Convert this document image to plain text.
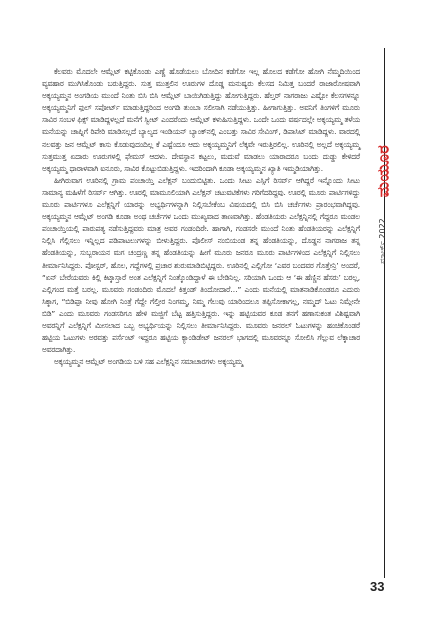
ಕೆಲವರು ಮೊದಲೇ ಆಮ್ಲೆಟ್ ಕಟ್ಟಿಕೊಂಡು ಎಣ್ಣೆ ಹೊಡೆಯಲು ಬೋದಿನ ಕಡೆಗೋ ಇಲ್ಲ ಹೊಲದ ಕಡೆಗೋ ಹೋಗಿ ನೆಮ್ಮದಿಯಿಂದ ವ್ಯವಹಾರ ಮುಗಿಸಿಕೊಂಡು ಬರುತ್ತಿದ್ದರು. ಸುತ್ತ ಮುತ್ತಲಿನ ಊರುಗಳ ದೊಡ್ಡ ಮನುಷ್ಯರು ಕೆಲಸದ ನಿಮಿತ್ತ ಬಂದರೆ ರಾಜಾರೋಷವಾಗಿ ಅಕ್ಕಯ್ಯಮ್ಮನ ಅಂಗಡಿಯ ಮುಂದೆ ನಿಂತು ಬಿಸಿ ಬಿಸಿ ಆಮ್ಲೆಟ್ ಬಾಯಿಗಿಡುತ್ತಿದ್ದು ಹೋಗುತ್ತಿದ್ದರು. ಹೆಲ್ತರ್ ನಾಗರಾಜು ಎಷ್ಟೋ ಕೆಲಸಗಳನ್ನೂ ಅಕ್ಕಯ್ಯಮ್ಮನಿಗೆ ಫುಲ್ ಸಪೋರ್ಟ್ ಮಾಡುತ್ತಿದ್ದರಿಂದ ಅಂಗಡಿ ತುಂಬಾ ಸಲೀಸಾಗಿ ನಡೆಯುತ್ತಿತ್ತು. ಹೀಗಾಗುತ್ತಿತ್ತು. ಅವನಿಗೆ ತಿಂಗಳಿಗೆ ಮೂರು ಸಾವಿರ ಸಂಬಳ ಫಿಕ್ಸ್ ಮಾಡಿದ್ದಳಲ್ಲದೆ ಮನೆಗೆ ಸ್ವೀಟ್ ಎಂದರೆಂದು ಆಮ್ಲೆಟ್ ಕಳುಹಿಸುತ್ತಿದ್ದಳು. ಒಂದೇ ಒಂದು ವರ್ಷದಲ್ಲೇ ಅಕ್ಕಯ್ಯಮ್ಮ ತಳೆಯ ಮನೆಯನ್ನು ಚಾಪ್ನಿಗೆ ರಿಪೇರಿ ಮಾಡಿಸಲ್ಲದೆ ಬ್ಯಾಲ್ಯದ ಇಂಡಿಯನ್ ಬ್ಯಾಂಕ್‌ನಲ್ಲಿ ಎಂಬತ್ತು ಸಾವಿರ ಸೇವಿಂಗ್, ಡಿಪಾಸಿಟ್ ಮಾಡಿದ್ದಳು. ವಾರದಲ್ಲಿ ನಲವತ್ತು ಜನ ಆಮ್ಲೆಟ್ ಕಾಸು ಕೊಡುವುದಂದಿಲ್ಲ ಕೆ ಎಷ್ಟೆಂದೂ ಆದು ಅಕ್ಕಯ್ಯಮ್ಮನಿಗೆ ಲೆಕ್ಕವೇ ಇರುತ್ತಿರಲಿಲ್ಲ. ಊರಿನಲ್ಲಿ ಅಲ್ಲದೆ ಅಕ್ಕಯ್ಯಮ್ಮ ಸುತ್ತಮುತ್ತ ಏದಾರು ಊರುಗಳಲ್ಲಿ ಫೇಮಸ್ ಆದಳು. ದೇವಸ್ಥಾನ ಕಟ್ಟಲು, ಮದುವೆ ಮಾಡಲು ಯಾರಾದರೂ ಬಂದು ದುಡ್ಡು ಕೇಳಿದರೆ ಅಕ್ಕಯ್ಯಮ್ಮ ಧಾರಾಳವಾಗಿ ಐನೂರು, ಸಾವಿರ ಕೊಟ್ಟುಬಿಡುತ್ತಿದ್ದಳು. ಇದರಿಂದಾಗಿ ಕೂಡಾ ಅಕ್ಕಯ್ಯಮ್ಮನ ಖ್ಯಾತಿ ಇಮ್ಮಡಿಯಾಗಿತ್ತು.

ಹೀಗಿರುವಾಗ ಊರಿನಲ್ಲಿ ಗ್ರಾಮ ಪಂಚಾಯ್ತಿ ಎಲೆಕ್ಷನ್ ಬಂದುಬಿಟ್ಟಿತು. ಒಂದು ಸೀಟು ಎಸ್ಸಿಗೆ ರಿಸರ್ವ್ ಆಗಿದ್ದರೆ ಇನ್ನೊಂದು ಸೀಟು ಸಾಮಾನ್ಯ ಮಹಿಳೆಗೆ ರಿಸರ್ವ್ ಆಗಿತ್ತು. ಊರಲ್ಲಿ ಮಾಮೂಲಿಯಾಗಿ ಎಲೆಕ್ಷನ್ ಚಟುವಟಿಕೆಗಳು ಗರಿಗೆದರಿದ್ದವು. ಊರಲ್ಲಿ ಮೂರು ಪಾರ್ಟಿಗಳಿದ್ದು ಮೂರು ಪಾರ್ಟಿಗಳೂ ಎಲೆಕ್ಷನ್ನಿಗೆ ಯಾರನ್ನು ಅಭ್ಯರ್ಥಿಗಳನ್ನಾಗಿ ನಿಲ್ಲಿಸಬೇಕೆಂಬ ವಿಷಯದಲ್ಲಿ ಬಿಸಿ ಬಿಸಿ ಚರ್ಚೆಗಳು ಪ್ರಾರಂಭವಾಗಿದ್ದವು. ಅಕ್ಕಯ್ಯಮ್ಮನ ಆಮ್ಲೆಟ್ ಅಂಗಡಿ ಕೂಡಾ ಅಂಥ ಚರ್ಚೆಗಳ ಒಂದು ಮುಖ್ಯವಾದ ತಾಣವಾಗಿತ್ತು. ಹೆಂಡತಿಯರು ಎಲೆಕ್ಷನ್ನಿನಲ್ಲಿ ಗೆದ್ದರೂ ಮಂಡಲ ಪಂಚಾಯ್ತಿಯಲ್ಲಿ ಪಾರುಪತ್ಯ ನಡೆಸುತ್ತಿದ್ದವರು ಮಾತ್ರ ಅವರ ಗಂಡಂದಿರೇ. ಹಾಗಾಗಿ, ಗಂಡಸರೇ ಮುಂದೆ ನಿಂತು ಹೆಂಡತಿಯರನ್ನು ಎಲೆಕ್ಷನ್ನಿಗೆ ನಿಲ್ಲಿಸಿ ಗೆಲ್ಲಿಸಲು ಇನ್ನಿಲ್ಲದ ಪಡಿಪಾಟಲುಗಳನ್ನು ಬೀಳುತ್ತಿದ್ದರು. ಪೊಲೀಸ್ ನಂಬಿಯಂಡ ತನ್ನ ಹೆಂಡತಿಯನ್ನು, ದೊಡ್ಡನ ನಾಗರಾಜ ತನ್ನ ಹೆಂಡತಿಯನ್ನು, ಸುಬ್ಬರಾಯನ ಮಗ ಚಂದ್ರಣ್ಣ ತನ್ನ ಹೆಂಡತಿಯನ್ನು ಹೀಗೆ ಮೂರು ಜನರೂ ಮೂರು ಪಾರ್ಟಿಗಳಿಂದ ಎಲೆಕ್ಷನ್ನಿಗೆ ನಿಲ್ಲಿಸಲು ತೀರ್ಮಾನಿಸಿದ್ದರು. ಪೋಸ್ಟರ್, ಹೊಲ, ಗದ್ದೆಗಳಲ್ಲಿ ಪ್ರಚಾರ ಶುರುಮಾಡಿಬಿಟ್ಟಿದ್ದರು. ಊರಿನಲ್ಲಿ ಎಲ್ಲಿಗೋ ‘ಎವರ ಬಂದವರ ಗೊತ್ತೇನ್ರಿ’ ಅಂದರೆ, “ಏನ್ ಬೇರೆಯವರು ಕಿಲ್ಲಿ ಕಿಟ್ಕಾಸ್ತಾರೆ ಅಂತ ಎಲೆಕ್ಷನ್ನಿಗೆ ನಿಂತ್ಕೊಂಡಿದ್ದಾಳೆ ಈ ಬೇಡಿನಿಲ್ಲ. ಸರಿಯಾಗಿ ಒಂದು ಆ ‘ಈ ಹೆಣ್ಣಿನ ಹೆಸರು’ ಬರಲ್ಲ, ಎಲ್ಲಿಗಂದ ಮತ್ತೆ ಬರಲ್ಲ. ಮೂವರು ಗಂಡಂದಿರು ಮೊದಲೆ ಕಿತ್ತಂಡ್ ತಿಂದೋದಾರೆ…” ಎಂದು ಮನೆಯಲ್ಲಿ ಮಾತನಾಡಿಕೊಂಡರೂ ಎದುರು ಸಿಕ್ಕಾಗ, “ಬಿಡಿಪ್ಪಾ ನೀವು ಹೋಗಿ ನಿಂತ್ರೆ ಗೆದ್ದೇ ಗೆಲ್ತೀರ ನಿಂಗಮ್ಮ, ನಿಮ್ಮ ಗೆಲುವು ಯಾರಿಂದಲೂ ತಪ್ಪಿಸೋಕಾಗಲ್ಲ, ನಮ್ಮದ್ ಓಟು ನಿಮ್ಗೇನೇ ಬಿಡಿ” ಎಂದು ಮೂವರು ಗಂಡಸರಿಗೂ ಹೇಳಿ ಮಜ್ಜಿಗೆ ಬೆಟ್ಟ ಹತ್ತಿಸುತ್ತಿದ್ದರು. ಇನ್ನು ಹಟ್ಟಿಯವರ ಕೂಡ ತನಗೆ ಹಣಾಸುಕಂತ ವಿಶಿಷ್ಟವಾಗಿ ಅವರನ್ನಿಗೆ ಎಲೆಕ್ಷನ್ನಿಗೆ ಮೀಸಲಾದ ಒಬ್ಬ ಅಭ್ಯರ್ಥಿಯನ್ನು ನಿಲ್ಲಿಸಲು ತೀರ್ಮಾನಿಸಿದ್ದರು. ಮೂವರು ಜನರಲ್ ಓಟುಗಳನ್ನು ಹಂಚಿಕೊಂಡರೆ ಹಟ್ಟಿಯ ಓಟುಗಳು ಅರವತ್ತು ಪರ್ಸೆಂಟ್ ಇದ್ದರೂ ಹಟ್ಟಿಯ ಕ್ಯಾಂಡಿಡೇಟ್ ಜನರಲ್ ಭಾಗದಲ್ಲಿ ಮೂವರನ್ನೂ ಸೋಲಿಸಿ ಗೆಲ್ಲುವ ಲೆಕ್ಕಾಚಾರ ಅವರದಾಗಿತ್ತು.

ಅಕ್ಕಯ್ಯಮ್ಮನ ಆಮ್ಲೆಟ್ ಅಂಗಡಿಯ ಬಳಿ ಸಹ ಎಲೆಕ್ಷನ್ನಿನ ಸಮಾಚಾರಗಳು ಅಕ್ಕಯ್ಯಮ್ಮ

ಮಯೂರ
ಮಾರ್ಚ್ 2022
33
